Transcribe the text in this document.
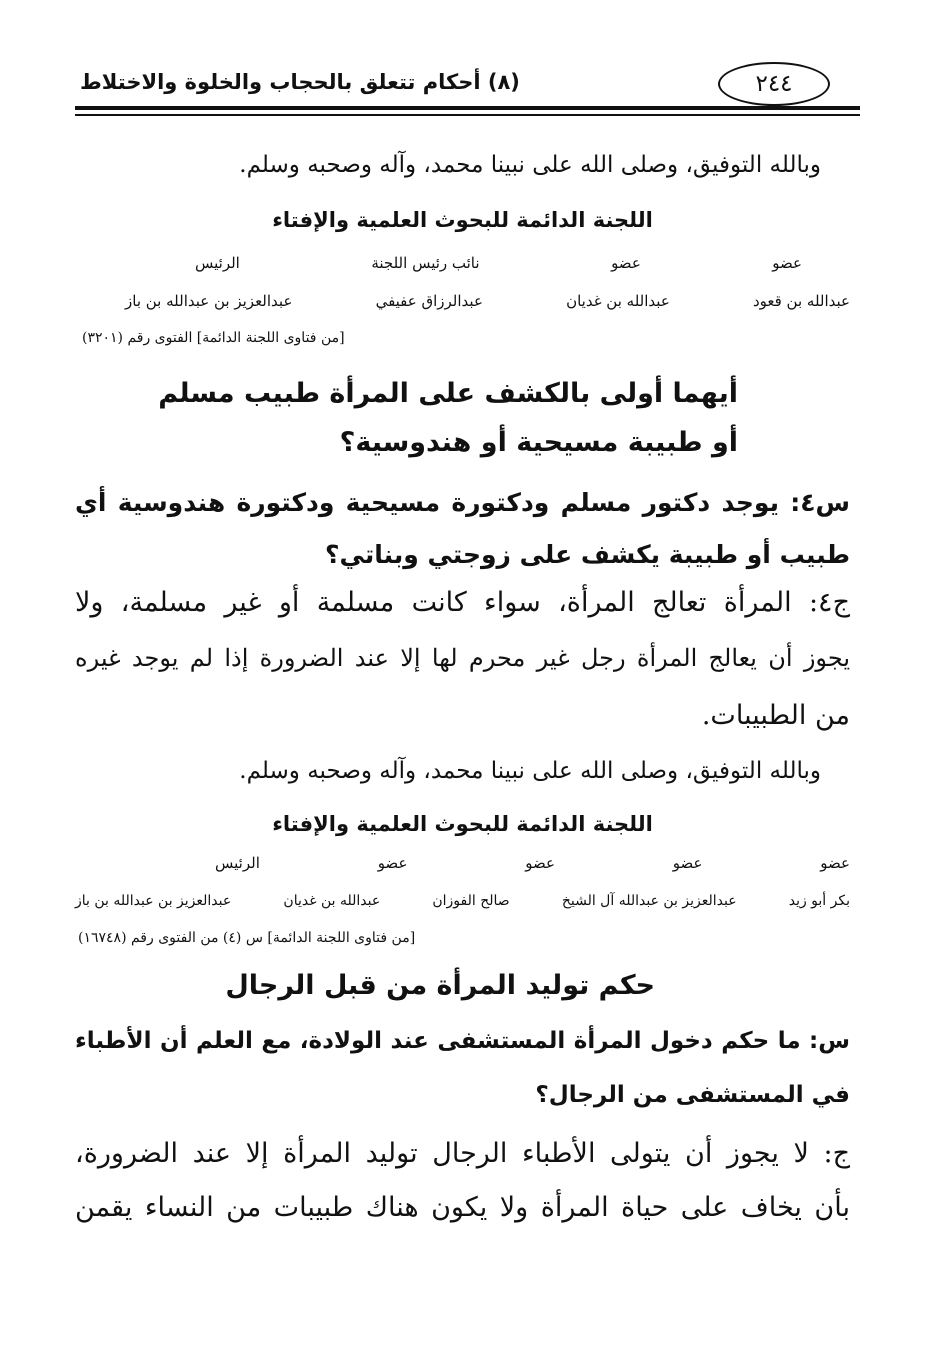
(٨) أحكام تتعلق بالحجاب والخلوة والاختلاط	٢٤٤
وبالله التوفيق، وصلى الله على نبينا محمد، وآله وصحبه وسلم.
اللجنة الدائمة للبحوث العلمية والإفتاء
عضو
عضو
نائب رئيس اللجنة
الرئيس
عبدالله بن قعود
عبدالله بن غديان
عبدالرزاق عفيفي
عبدالعزيز بن عبدالله بن باز
[من فتاوى اللجنة الدائمة] الفتوى رقم (٣٢٠١)
أيهما أولى بالكشف على المرأة طبيب مسلم
أو طبيبة مسيحية أو هندوسية؟
س٤: يوجد دكتور مسلم ودكتورة مسيحية ودكتورة هندوسية أي
طبيب أو طبيبة يكشف على زوجتي وبناتي؟
ج٤: المرأة تعالج المرأة، سواء كانت مسلمة أو غير مسلمة، ولا
يجوز أن يعالج المرأة رجل غير محرم لها إلا عند الضرورة إذا لم يوجد غيره
من الطبيبات.
وبالله التوفيق، وصلى الله على نبينا محمد، وآله وصحبه وسلم.
اللجنة الدائمة للبحوث العلمية والإفتاء
عضو
عضو
عضو
عضو
الرئيس
بكر أبو زيد
عبدالعزيز بن عبدالله آل الشيخ
صالح الفوزان
عبدالله بن غديان
عبدالعزيز بن عبدالله بن باز
[من فتاوى اللجنة الدائمة] س (٤) من الفتوى رقم (١٦٧٤٨)
حكم توليد المرأة من قبل الرجال
س: ما حكم دخول المرأة المستشفى عند الولادة، مع العلم أن الأطباء
في المستشفى من الرجال؟
ج: لا يجوز أن يتولى الأطباء الرجال توليد المرأة إلا عند الضرورة،
بأن يخاف على حياة المرأة ولا يكون هناك طبيبات من النساء يقمن
